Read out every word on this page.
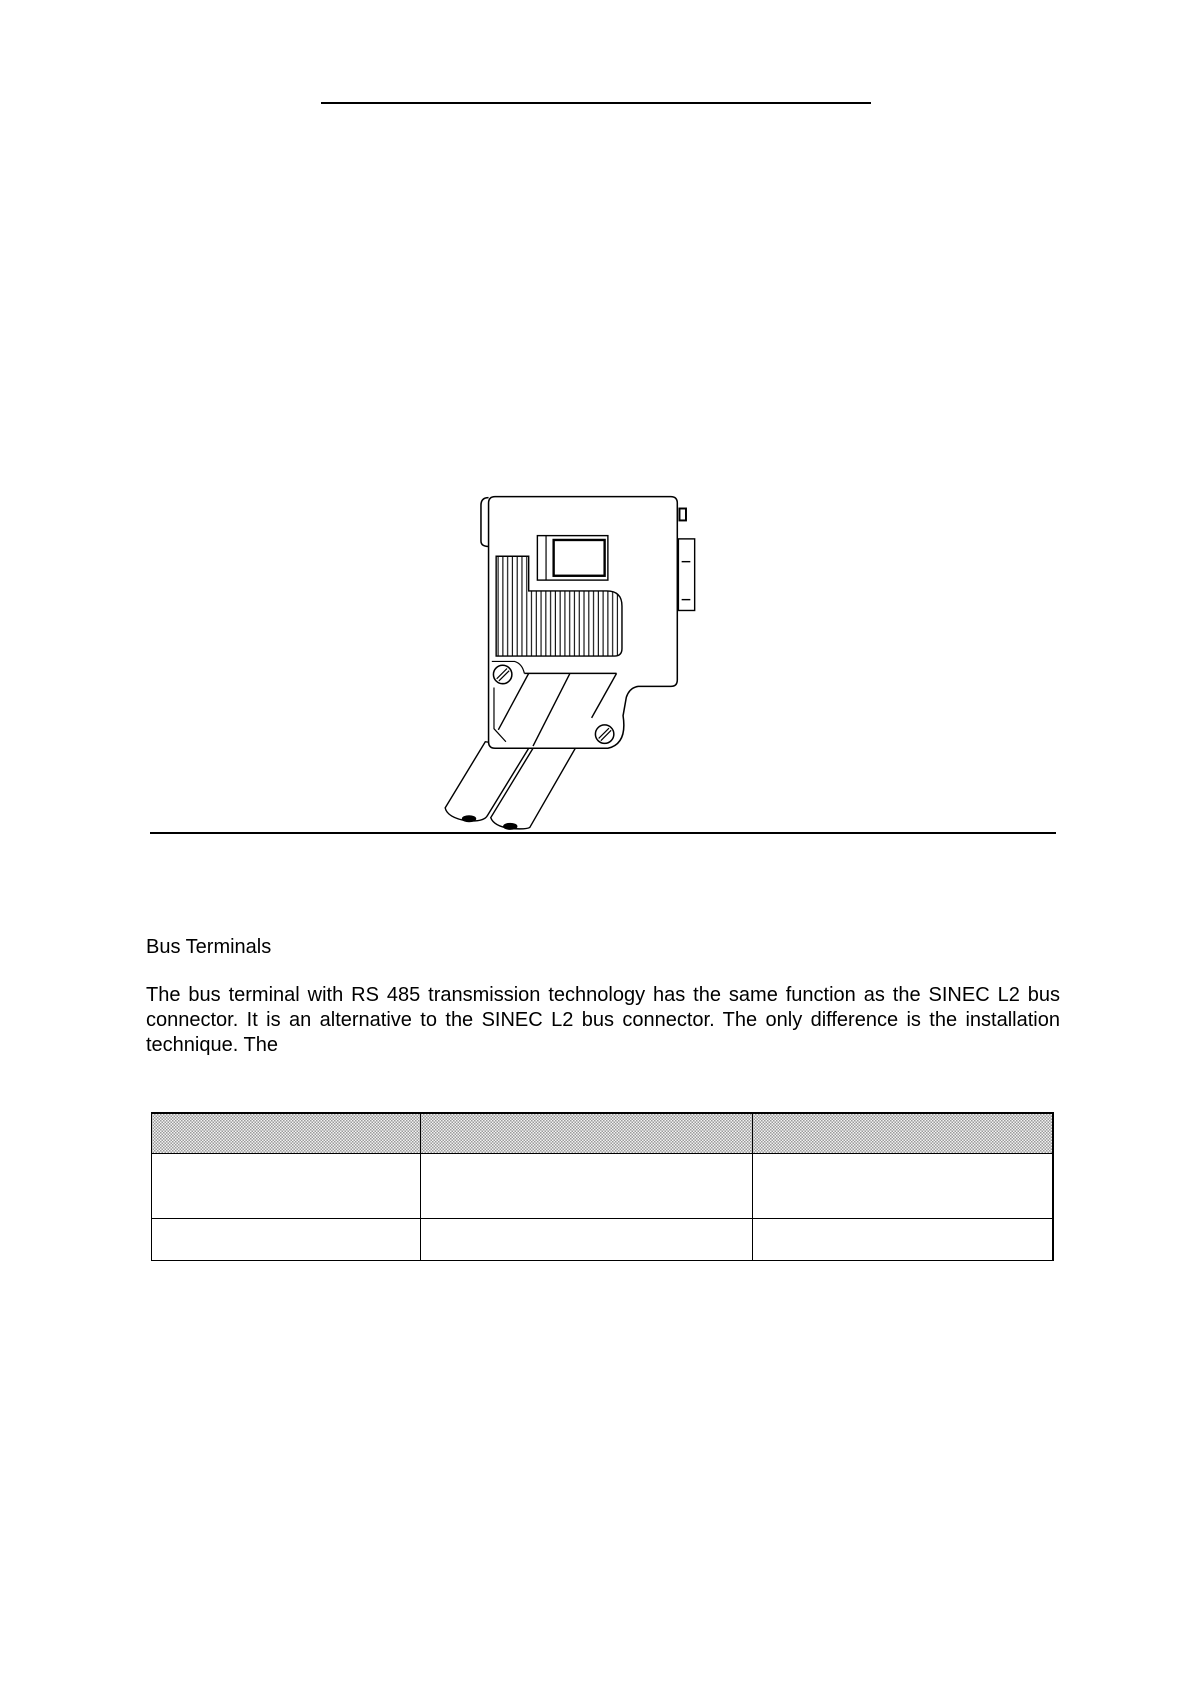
Bus Terminals
The bus terminal with RS 485 transmission technology has the same function as the SINEC L2 bus
connector. It is an alternative to the SINEC L2 bus connector. The only difference is the installation
technique. The
